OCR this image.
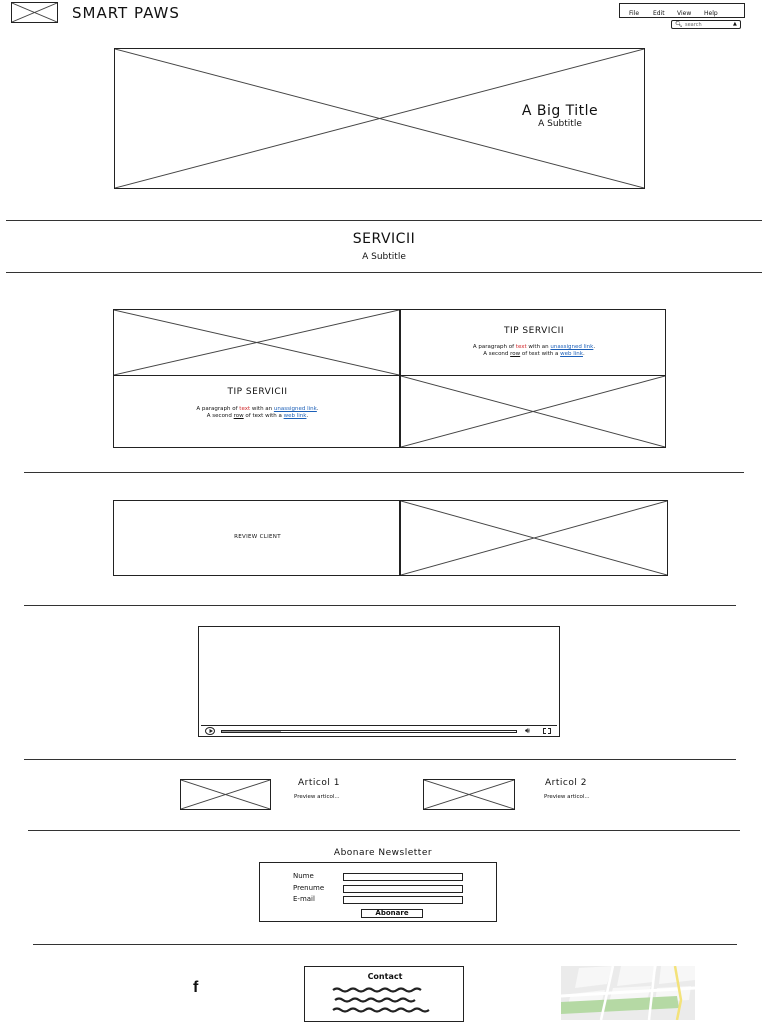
SMART PAWS	File Edit View Help
🔍︎ search	▲
A Big Title
A Subtitle
SERVICII
A Subtitle
TIP SERVICII
A paragraph of text with an unassigned link.
A second row of text with a web link.
TIP SERVICII
A paragraph of text with an unassigned link.
A second row of text with a web link.
REVIEW CLIENT
🔊︎
Articol 1
Preview articol...
Articol 2
Preview articol...
Abonare Newsletter
Nume
Prenume
E-mail
Abonare
f
Contact
